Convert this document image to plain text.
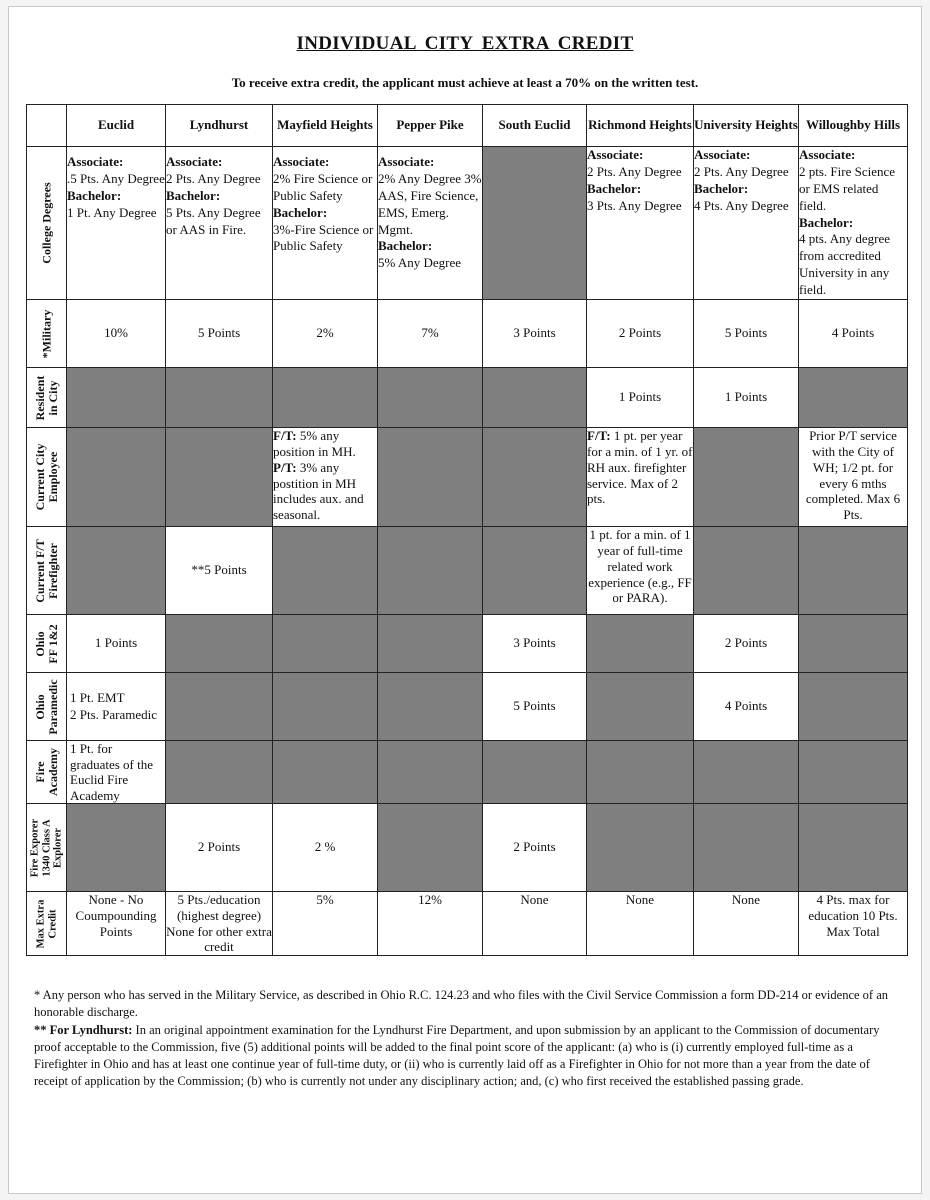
INDIVIDUAL CITY EXTRA CREDIT
To receive extra credit, the applicant must achieve at least a 70% on the written test.
	Euclid	Lyndhurst	Mayfield Heights	Pepper Pike	South Euclid	Richmond Heights	University Heights	Willoughby Hills

College Degrees	Associate:
.5 Pts. Any Degree
Bachelor:
1 Pt. Any Degree	Associate:
2 Pts. Any Degree
Bachelor:
5 Pts. Any Degree or AAS in Fire.	Associate:
2% Fire Science or Public Safety
Bachelor:
3%-Fire Science or Public Safety	Associate:
2% Any Degree 3% AAS, Fire Science, EMS, Emerg. Mgmt.
Bachelor:
5% Any Degree		Associate:
2 Pts. Any Degree
Bachelor:
3 Pts. Any Degree	Associate:
2 Pts. Any Degree
Bachelor:
4 Pts. Any Degree	Associate:
2 pts. Fire Science or EMS related field.
Bachelor:
4 pts. Any degree from accredited University in any field.

*Military	10%	5 Points	2%	7%	3 Points	2 Points	5 Points	4 Points

Resident
in City						1 Points	1 Points	

Current City
Employee			F/T: 5% any position in MH.
P/T: 3% any postition in MH includes aux. and seasonal.			F/T: 1 pt. per year for a min. of 1 yr. of RH aux. firefighter service. Max of 2 pts.		Prior P/T service with the City of WH; 1/2 pt. for every 6 mths completed. Max 6 Pts.

Current F/T
Firefighter		**5 Points				1 pt. for a min. of 1 year of full-time related work experience (e.g., FF or PARA).		

Ohio
FF 1&2	1 Points				3 Points		2 Points	

Ohio
Paramedic	1 Pt. EMT
2 Pts. Paramedic				5 Points		4 Points	

Fire
Academy	1 Pt. for graduates of the Euclid Fire Academy							

Fire Exporer
1340 Class A
Explorer		2 Points	2 %		2 Points			

Max Extra
Credit	None - No Coumpounding Points	5 Pts./education (highest degree) None for other extra credit	5%	12%	None	None	None	4 Pts. max for education 10 Pts. Max Total

* Any person who has served in the Military Service, as described in Ohio R.C. 124.23 and who files with the Civil Service Commission a form DD-214 or evidence of an honorable discharge.

** For Lyndhurst: In an original appointment examination for the Lyndhurst Fire Department, and upon submission by an applicant to the Commission of documentary proof acceptable to the Commission, five (5) additional points will be added to the final point score of the applicant: (a) who is (i) currently employed full-time as a Firefighter in Ohio and has at least one continue year of full-time duty, or (ii) who is currently laid off as a Firefighter in Ohio for not more than a year from the date of receipt of application by the Commission; (b) who is currently not under any disciplinary action; and, (c) who first received the established passing grade.
